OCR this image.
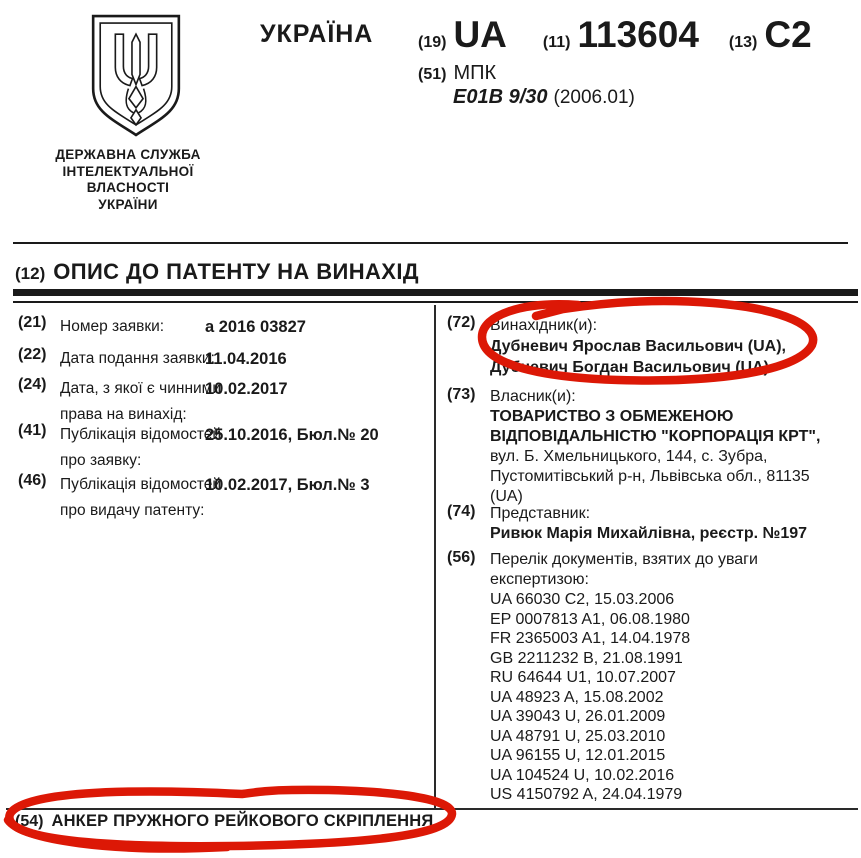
ДЕРЖАВНА СЛУЖБА
ІНТЕЛЕКТУАЛЬНОЇ
ВЛАСНОСТІ
УКРАЇНИ
УКРАЇНА	(19) UA (11) 113604 (13) C2
(51) МПК
E01B 9/30 (2006.01)
(12) ОПИС ДО ПАТЕНТУ НА ВИНАХІД
(21) Номер заявки: a 2016 03827
(22) Дата подання заявки:
11.04.2016
(24) Дата, з якої є чинними
права на винахід:
10.02.2017
(41) Публікація відомостей
про заявку:
25.10.2016, Бюл.№ 20
(46) Публікація відомостей
про видачу патенту:
10.02.2017, Бюл.№ 3
(72) Винахідник(и):
Дубневич Ярослав Васильович (UA),
Дубневич Богдан Васильович (UA)
(73) Власник(и):
ТОВАРИСТВО З ОБМЕЖЕНОЮ
ВІДПОВІДАЛЬНІСТЮ "КОРПОРАЦІЯ КРТ",
вул. Б. Хмельницького, 144, с. Зубра,
Пустомитівський р-н, Львівська обл., 81135
(UA)
(74) Представник:
Ривюк Марія Михайлівна, реєстр. №197
(56) Перелік документів, взятих до уваги
експертизою:
UA 66030 C2, 15.03.2006
EP 0007813 A1, 06.08.1980
FR 2365003 A1, 14.04.1978
GB 2211232 B, 21.08.1991
RU 64644 U1, 10.07.2007
UA 48923 A, 15.08.2002
UA 39043 U, 26.01.2009
UA 48791 U, 25.03.2010
UA 96155 U, 12.01.2015
UA 104524 U, 10.02.2016
US 4150792 A, 24.04.1979
(54) АНКЕР ПРУЖНОГО РЕЙКОВОГО СКРІПЛЕННЯ
